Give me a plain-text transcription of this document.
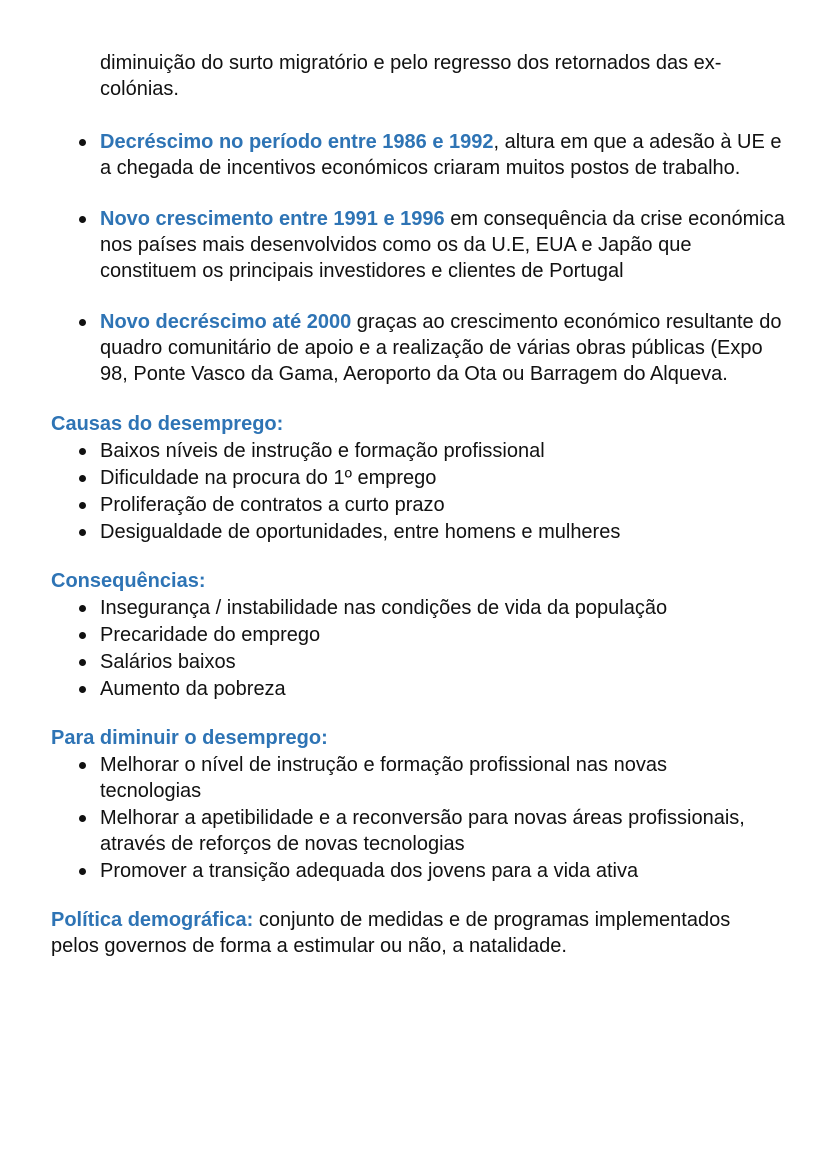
diminuição do surto migratório e pelo regresso dos retornados das ex-colónias.

Decréscimo no período entre 1986 e 1992, altura em que a adesão à UE e a chegada de incentivos económicos criaram muitos postos de trabalho.
Novo crescimento entre 1991 e 1996 em consequência da crise económica nos países mais desenvolvidos como os da U.E, EUA e Japão que constituem os principais investidores e clientes de Portugal
Novo decréscimo até 2000 graças ao crescimento económico resultante do quadro comunitário de apoio e a realização de várias obras públicas (Expo 98, Ponte Vasco da Gama, Aeroporto da Ota ou Barragem do Alqueva.

Causas do desemprego:

Baixos níveis de instrução e formação profissional
Dificuldade na procura do 1º emprego
Proliferação de contratos a curto prazo
Desigualdade de oportunidades, entre homens e mulheres

Consequências:

Insegurança / instabilidade nas condições de vida da população
Precaridade do emprego
Salários baixos
Aumento da pobreza

Para diminuir o desemprego:

Melhorar o nível de instrução e formação profissional nas novas tecnologias
Melhorar a apetibilidade e a reconversão para novas áreas profissionais, através de reforços de novas tecnologias
Promover a transição adequada dos jovens para a vida ativa

Política demográfica: conjunto de medidas e de programas implementados pelos governos de forma a estimular ou não, a natalidade.
